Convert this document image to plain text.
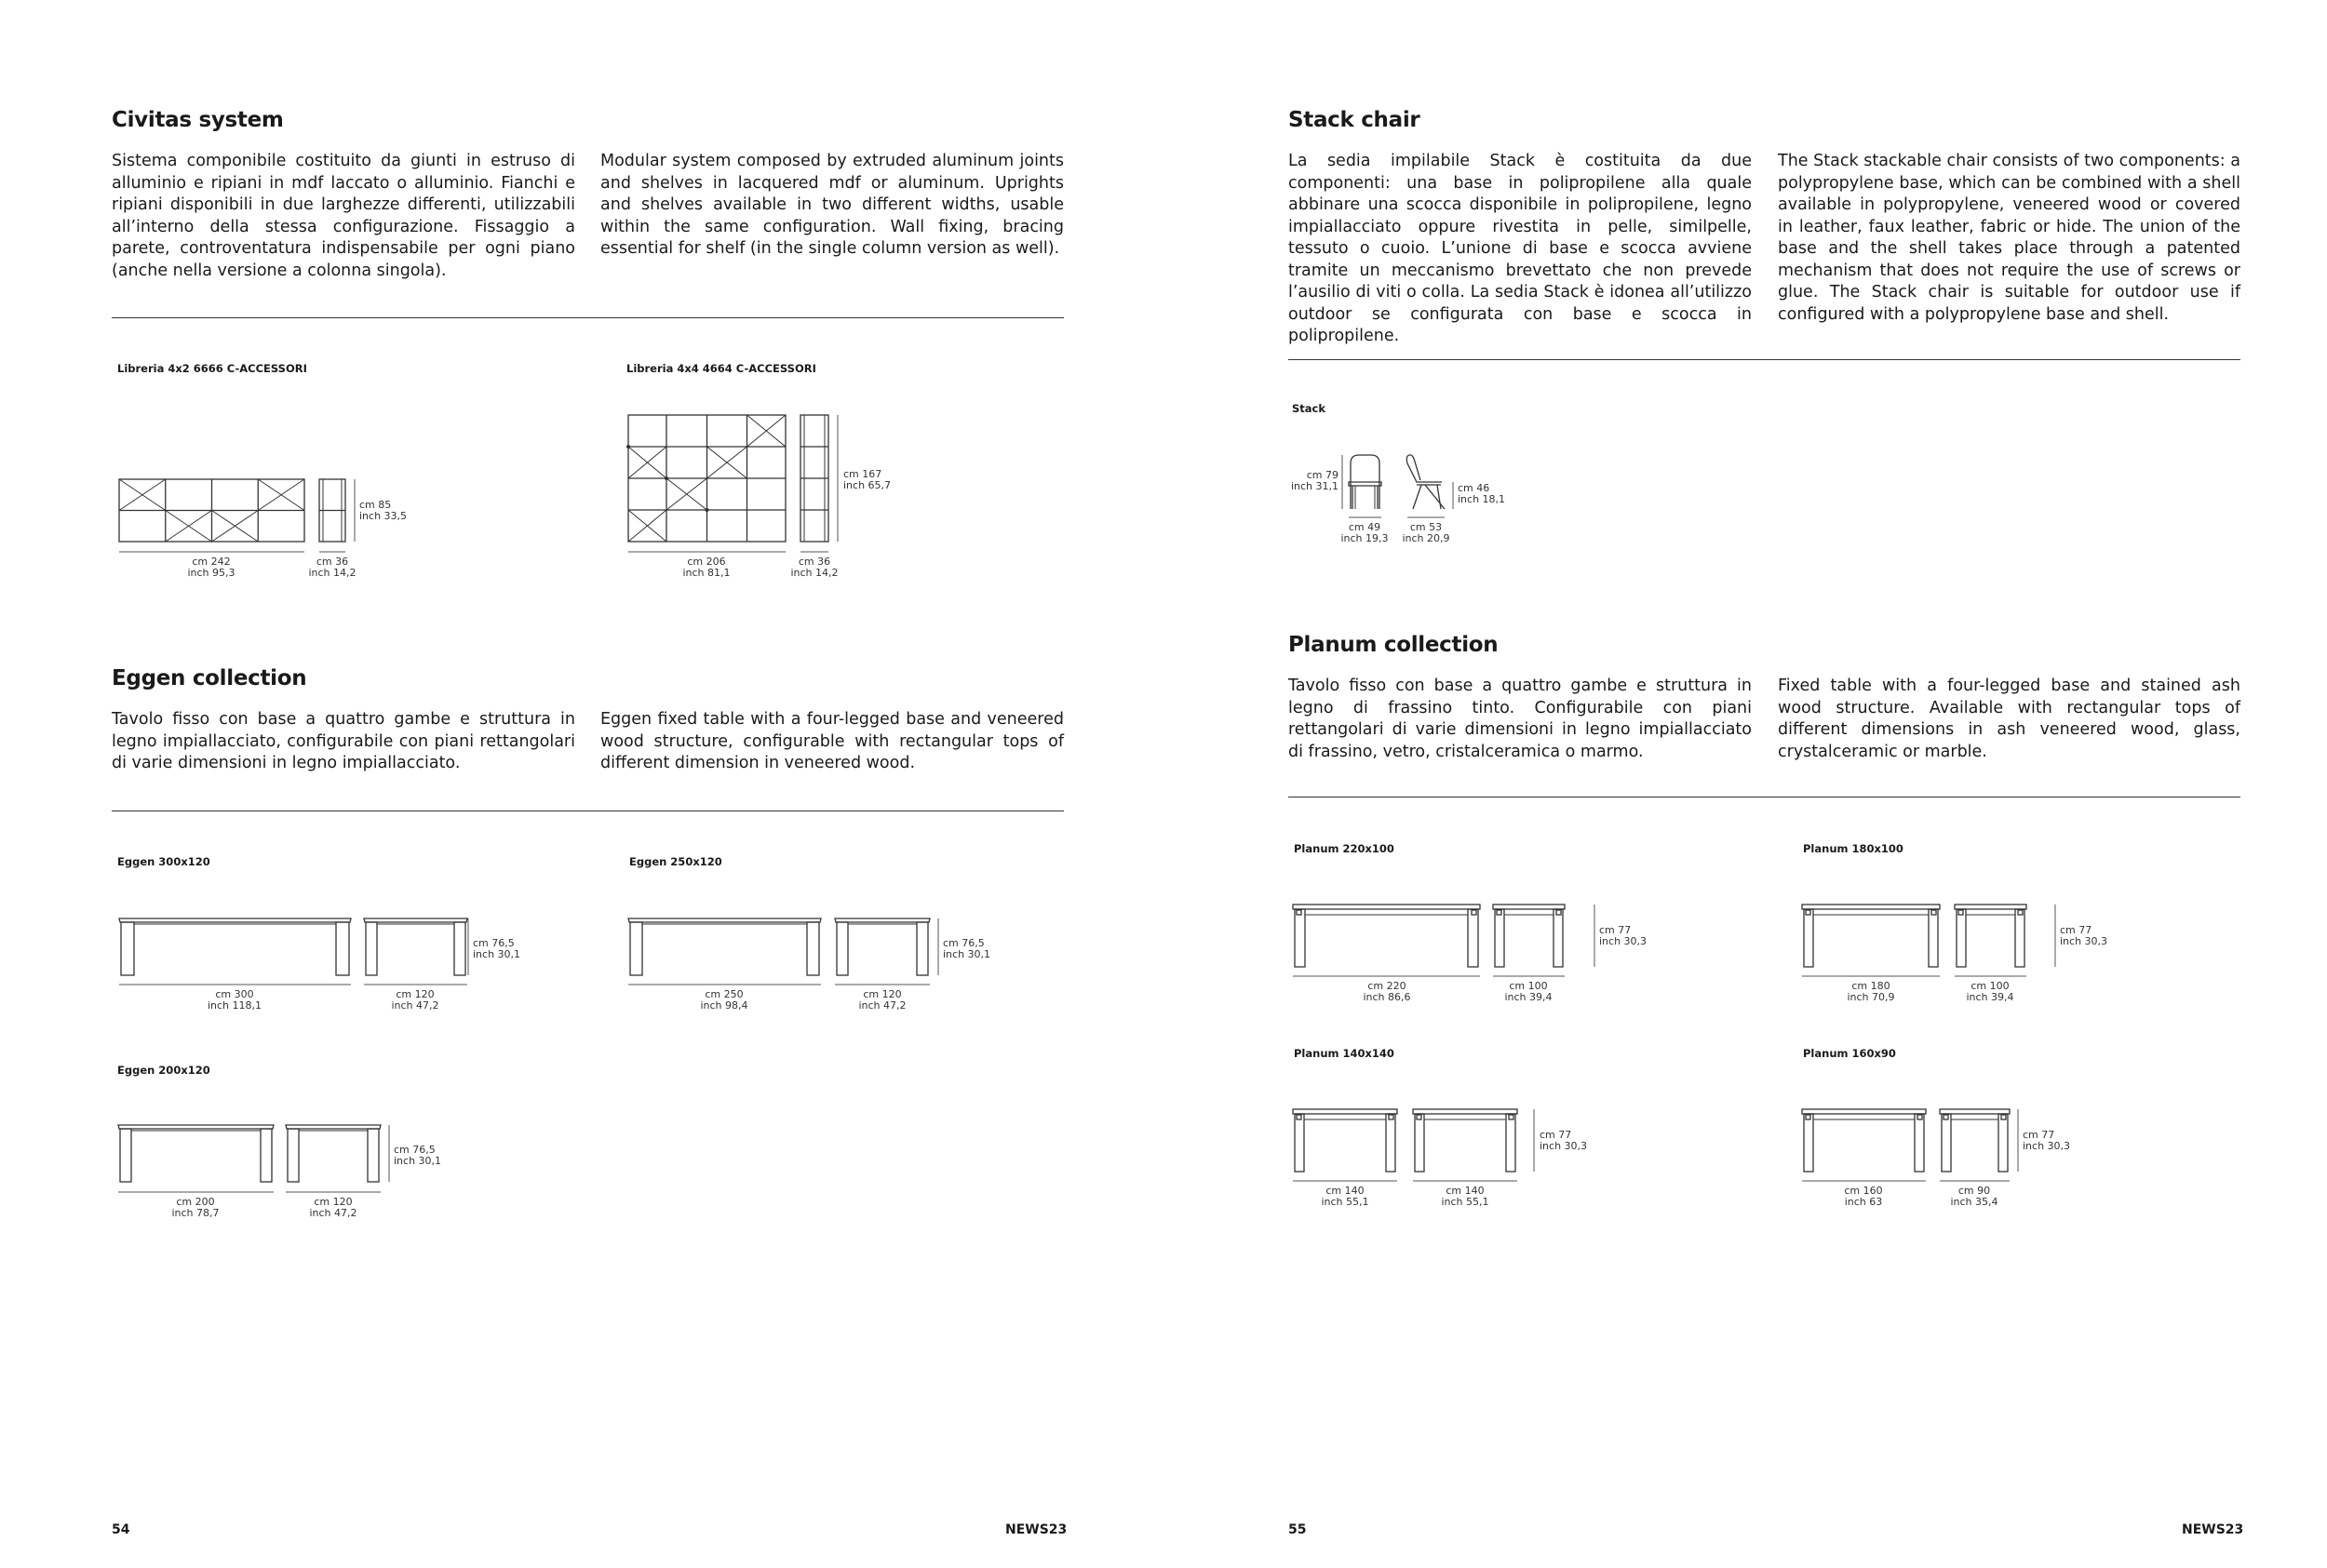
Civitas system

Sistema componibile costituito da giunti in estruso di alluminio e ripiani in mdf laccato o alluminio. Fianchi e ripiani disponibili in due larghezze differenti, utilizzabili all’interno della stessa configurazione. Fissaggio a parete, controventatura indispensabile per ogni piano (anche nella versione a colonna singola).

Modular system composed by extruded aluminum joints and shelves in lacquered mdf or aluminum. Uprights and shelves available in two different widths, usable within the same configuration. Wall fixing, bracing essential for shelf (in the single column version as well).

Libreria 4x2 6666 C-ACCESSORI
cm 242
inch 95,3
cm 36
inch 14,2
cm 85
inch 33,5
Libreria 4x4 4664 C-ACCESSORI
cm 206
inch 81,1
cm 36
inch 14,2
cm 167
inch 65,7
Eggen collection

Tavolo fisso con base a quattro gambe e struttura in legno impiallacciato, configurabile con piani rettangolari di varie dimensioni in legno impiallacciato.

Eggen fixed table with a four-legged base and veneered wood structure, configurable with rectangular tops of different dimension in veneered wood.

Eggen 300x120
cm 300
inch 118,1
cm 120
inch 47,2
cm 76,5
inch 30,1
Eggen 250x120
cm 250
inch 98,4
cm 120
inch 47,2
cm 76,5
inch 30,1
Eggen 200x120
cm 200
inch 78,7
cm 120
inch 47,2
cm 76,5
inch 30,1
54	NEWS23
Stack chair

La sedia impilabile Stack è costituita da due componenti: una base in polipropilene alla quale abbinare una scocca disponibile in polipropilene, legno impiallacciato oppure rivestita in pelle, similpelle, tessuto o cuoio. L’unione di base e scocca avviene tramite un meccanismo brevettato che non prevede l’ausilio di viti o colla. La sedia Stack è idonea all’utilizzo outdoor se configurata con base e scocca in polipropilene.

The Stack stackable chair consists of two components: a polypropylene base, which can be combined with a shell available in polypropylene, veneered wood or covered in leather, faux leather, fabric or hide. The union of the base and the shell takes place through a patented mechanism that does not require the use of screws or glue. The Stack chair is suitable for outdoor use if configured with a polypropylene base and shell.

Stack
cm 79
inch 31,1
cm 49
inch 19,3
cm 53
inch 20,9
cm 46
inch 18,1
Planum collection

Tavolo fisso con base a quattro gambe e struttura in legno di frassino tinto. Configurabile con piani rettangolari di varie dimensioni in legno impiallacciato di frassino, vetro, cristalceramica o marmo.

Fixed table with a four-legged base and stained ash wood structure. Available with rectangular tops of different dimensions in ash veneered wood, glass, crystalceramic or marble.

Planum 220x100
cm 220
inch 86,6
cm 100
inch 39,4
cm 77
inch 30,3
Planum 180x100
cm 180
inch 70,9
cm 100
inch 39,4
cm 77
inch 30,3
Planum 140x140
cm 140
inch 55,1
cm 140
inch 55,1
cm 77
inch 30,3
Planum 160x90
cm 160
inch 63
cm 90
inch 35,4
cm 77
inch 30,3
55	NEWS23
